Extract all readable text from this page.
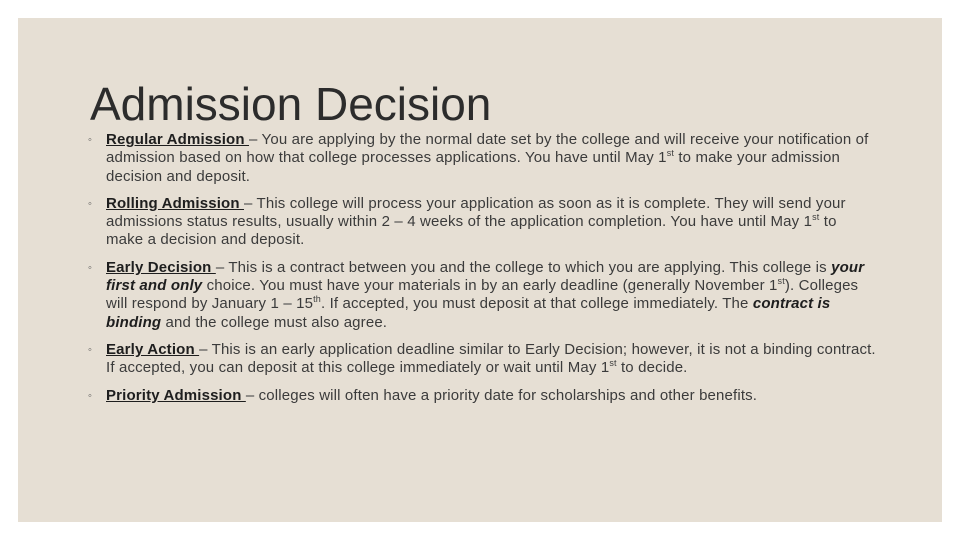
Admission Decision
◦ Regular Admission – You are applying by the normal date set by the college and will receive your notification of admission based on how that college processes applications. You have until May 1st to make your admission decision and deposit.
◦ Rolling Admission – This college will process your application as soon as it is complete. They will send your admissions status results, usually within 2 – 4 weeks of the application completion. You have until May 1st to make a decision and deposit.
◦ Early Decision – This is a contract between you and the college to which you are applying. This college is your first and only choice. You must have your materials in by an early deadline (generally November 1st). Colleges will respond by January 1 – 15th. If accepted, you must deposit at that college immediately. The contract is binding and the college must also agree.
◦ Early Action – This is an early application deadline similar to Early Decision; however, it is not a binding contract. If accepted, you can deposit at this college immediately or wait until May 1st to decide.
◦ Priority Admission – colleges will often have a priority date for scholarships and other benefits.
